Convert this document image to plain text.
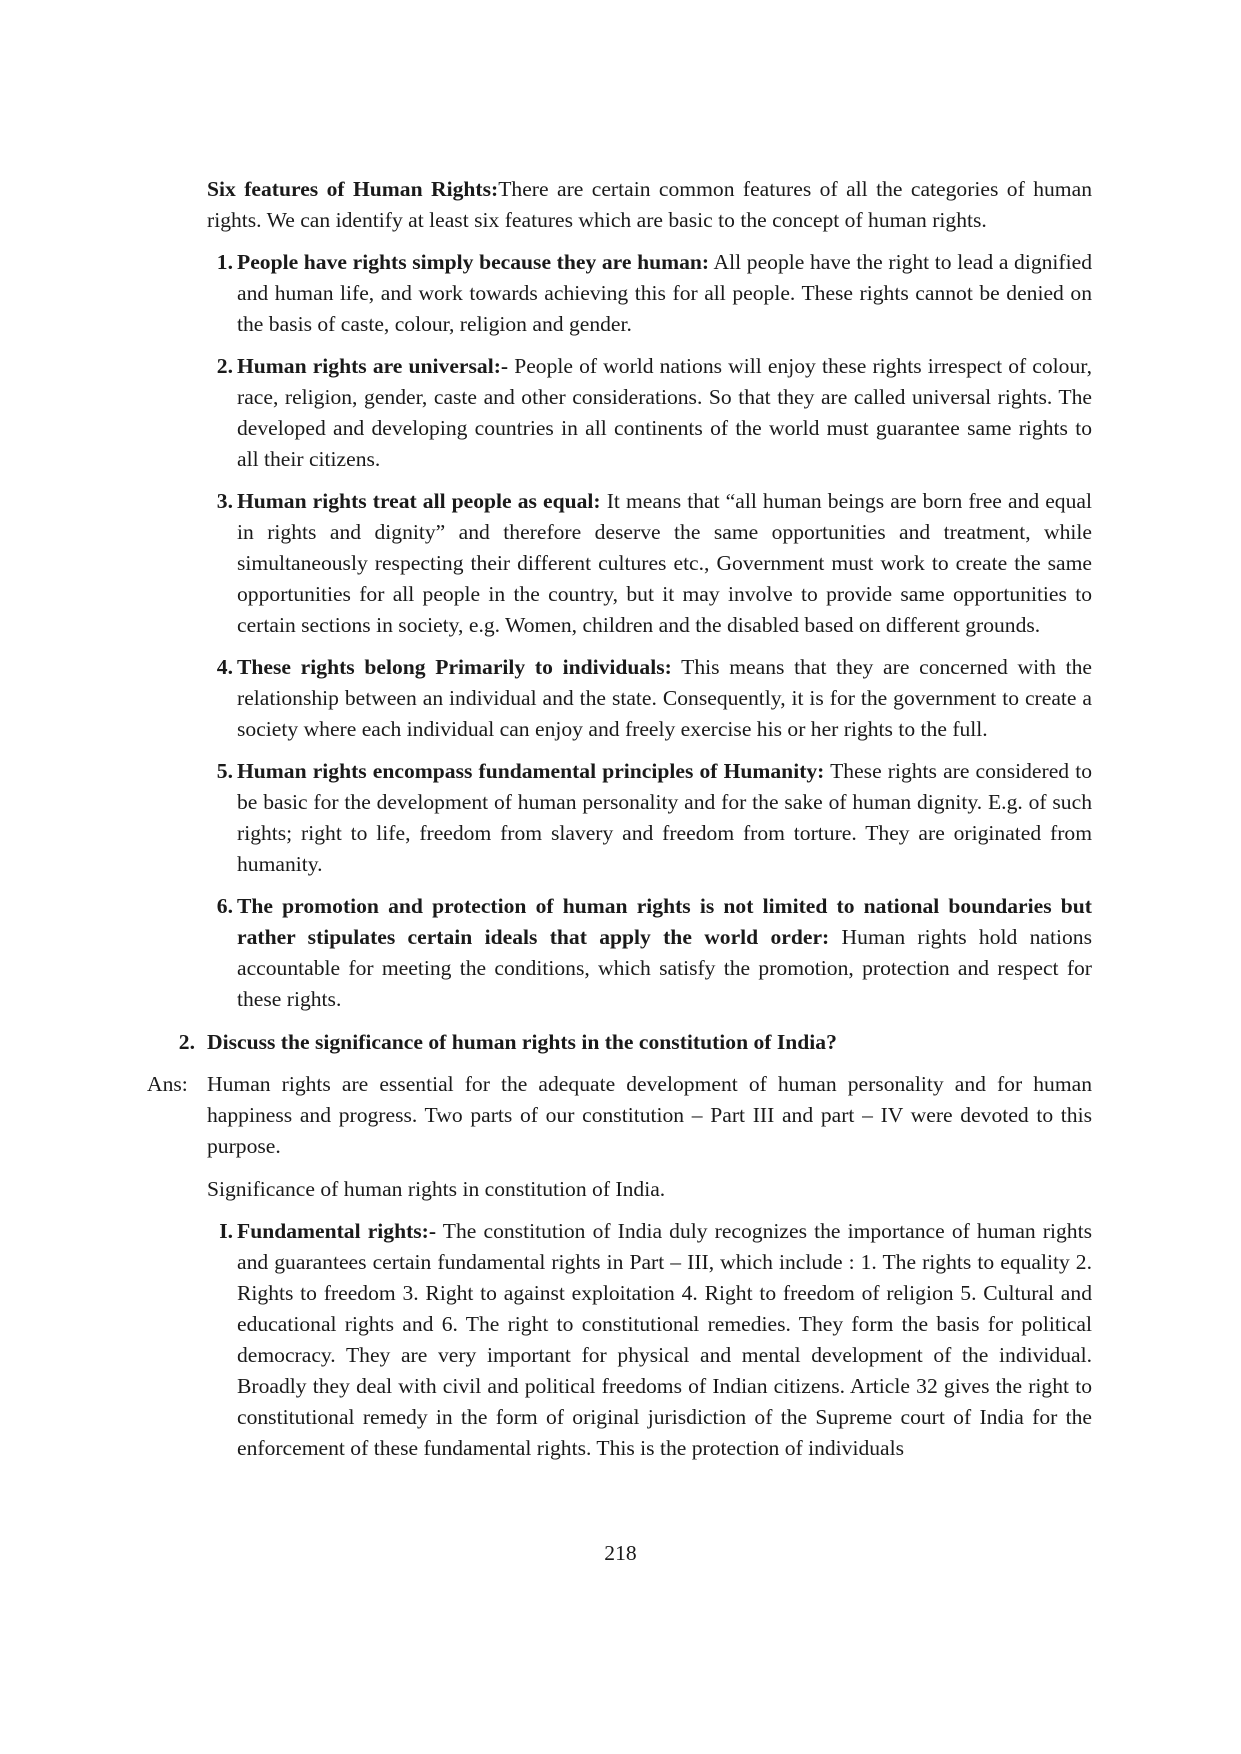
Six features of Human Rights:There are certain common features of all the categories of human rights. We can identify at least six features which are basic to the concept of human rights.

1. People have rights simply because they are human: All people have the right to lead a dignified and human life, and work towards achieving this for all people. These rights cannot be denied on the basis of caste, colour, religion and gender.

2. Human rights are universal:- People of world nations will enjoy these rights irrespect of colour, race, religion, gender, caste and other considerations. So that they are called universal rights. The developed and developing countries in all continents of the world must guarantee same rights to all their citizens.

3. Human rights treat all people as equal: It means that “all human beings are born free and equal in rights and dignity” and therefore deserve the same opportunities and treatment, while simultaneously respecting their different cultures etc., Government must work to create the same opportunities for all people in the country, but it may involve to provide same opportunities to certain sections in society, e.g. Women, children and the disabled based on different grounds.

4. These rights belong Primarily to individuals: This means that they are concerned with the relationship between an individual and the state. Consequently, it is for the government to create a society where each individual can enjoy and freely exercise his or her rights to the full.

5. Human rights encompass fundamental principles of Humanity: These rights are considered to be basic for the development of human personality and for the sake of human dignity. E.g. of such rights; right to life, freedom from slavery and freedom from torture. They are originated from humanity.

6. The promotion and protection of human rights is not limited to national boundaries but rather stipulates certain ideals that apply the world order: Human rights hold nations accountable for meeting the conditions, which satisfy the promotion, protection and respect for these rights.

2. Discuss the significance of human rights in the constitution of India?

Ans: Human rights are essential for the adequate development of human personality and for human happiness and progress. Two parts of our constitution – Part III and part – IV were devoted to this purpose.

Significance of human rights in constitution of India.

I. Fundamental rights:- The constitution of India duly recognizes the importance of human rights and guarantees certain fundamental rights in Part – III, which include : 1. The rights to equality 2. Rights to freedom 3. Right to against exploitation 4. Right to freedom of religion 5. Cultural and educational rights and 6. The right to constitutional remedies. They form the basis for political democracy. They are very important for physical and mental development of the individual. Broadly they deal with civil and political freedoms of Indian citizens. Article 32 gives the right to constitutional remedy in the form of original jurisdiction of the Supreme court of India for the enforcement of these fundamental rights. This is the protection of individuals

218
